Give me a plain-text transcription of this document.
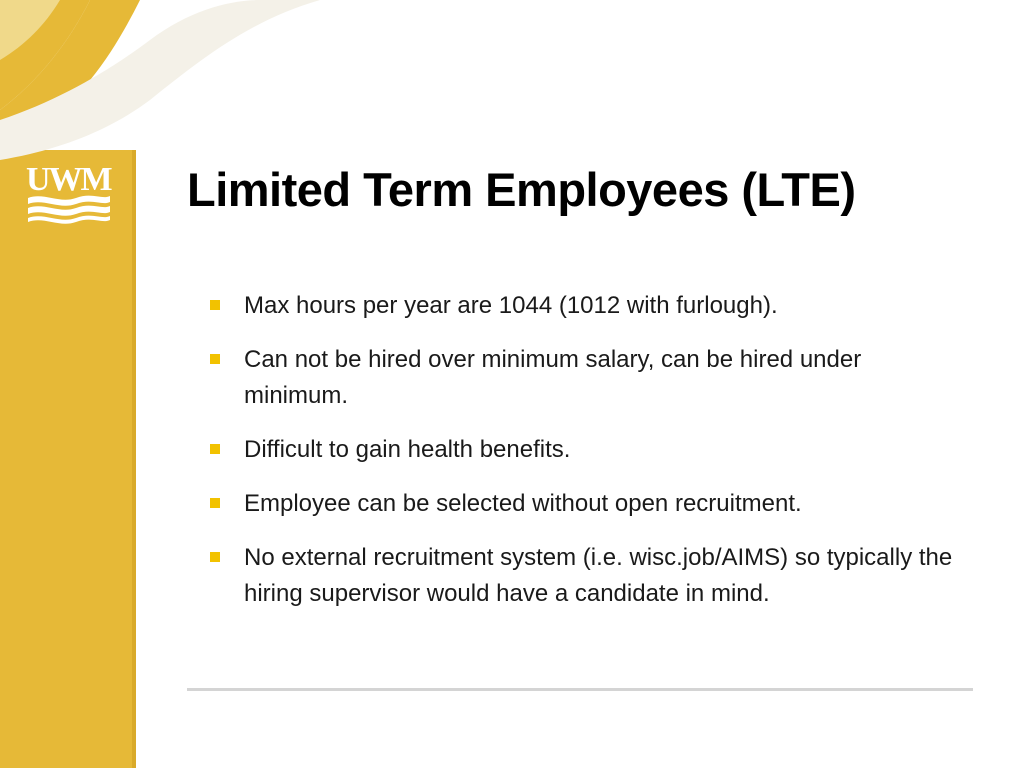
UWM Limited Term Employees (LTE)
Max hours per year are 1044 (1012 with furlough).
Can not be hired over minimum salary, can be hired under minimum.
Difficult to gain health benefits.
Employee can be selected without open recruitment.
No external recruitment system (i.e. wisc.job/AIMS) so typically the hiring supervisor would have a candidate in mind.
